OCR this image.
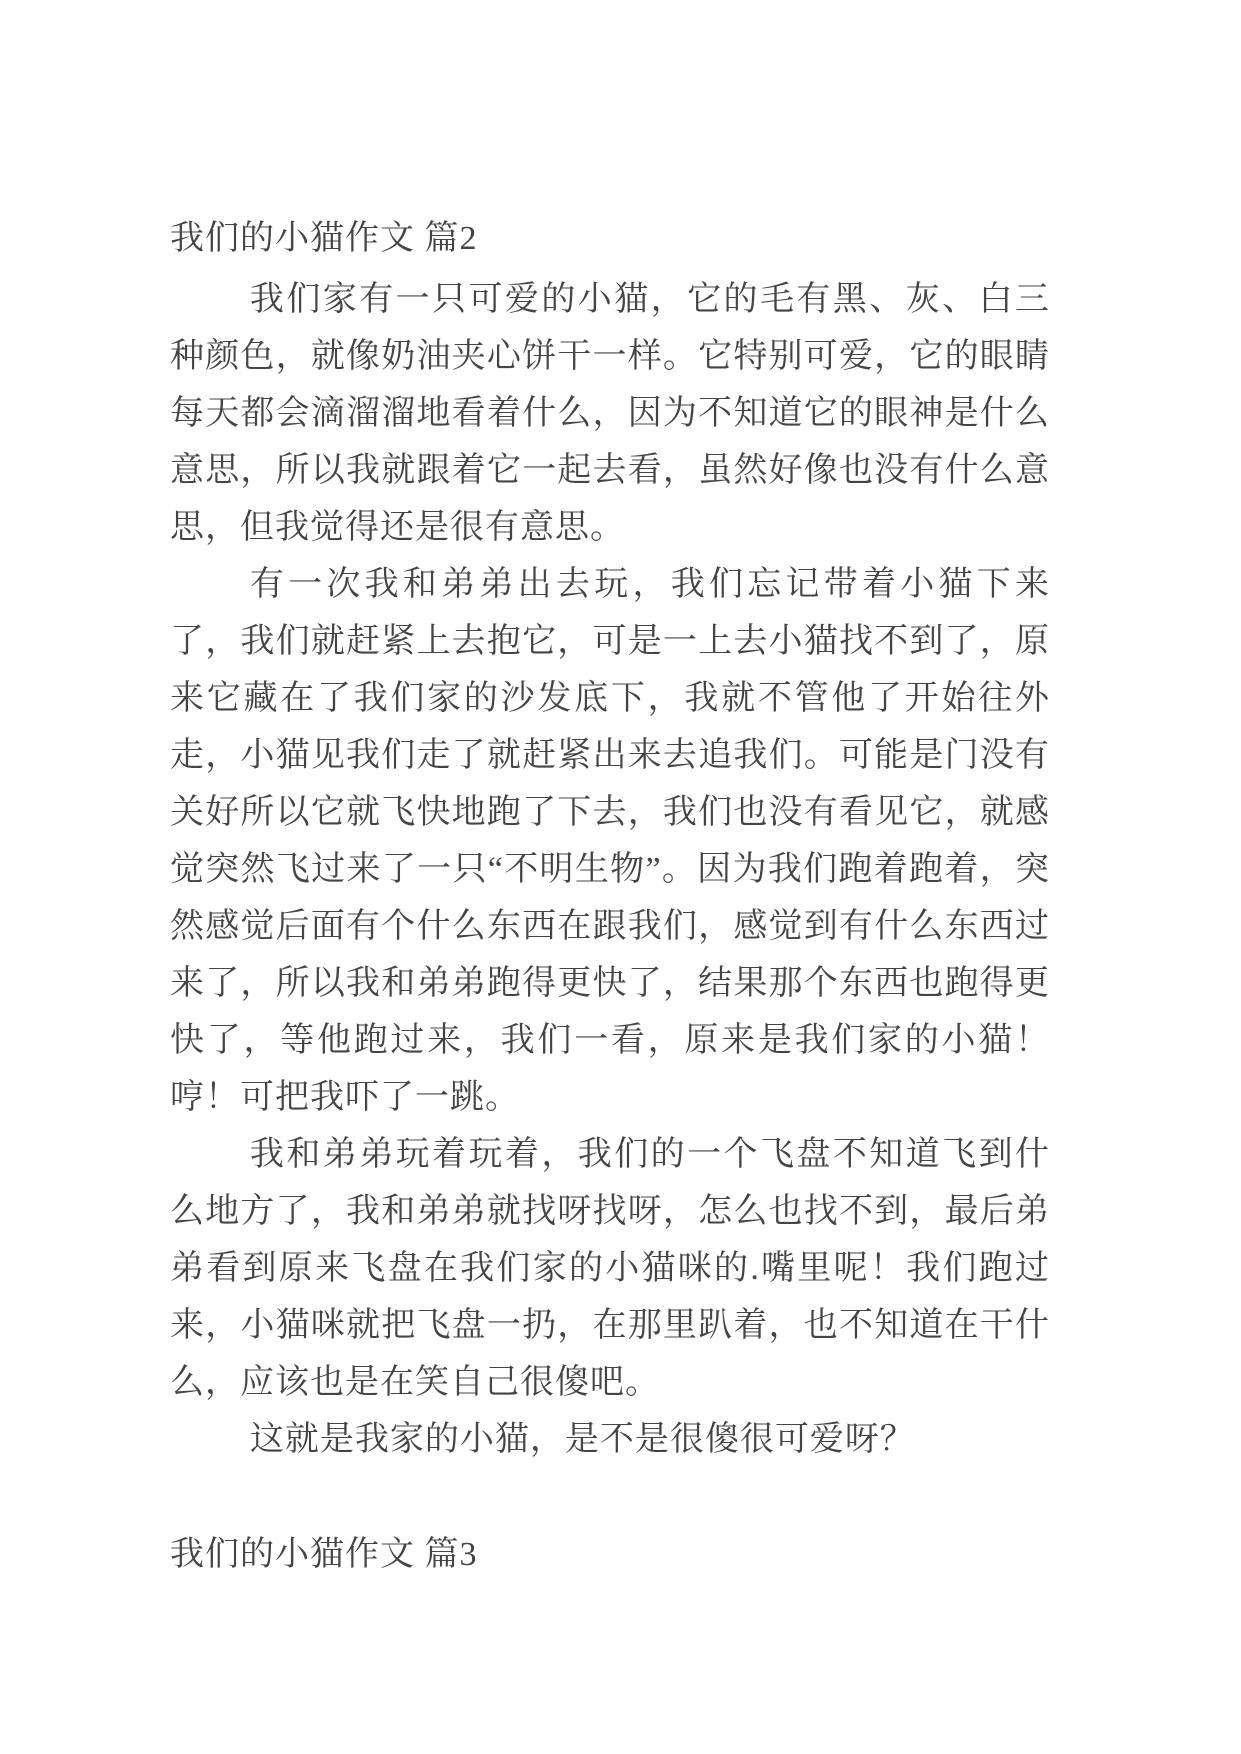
我们的小猫作文 篇2

我们家有一只可爱的小猫，它的毛有黑、灰、白三种颜色，就像奶油夹心饼干一样。它特别可爱，它的眼睛每天都会滴溜溜地看着什么，因为不知道它的眼神是什么意思，所以我就跟着它一起去看，虽然好像也没有什么意思，但我觉得还是很有意思。

有一次我和弟弟出去玩，我们忘记带着小猫下来了，我们就赶紧上去抱它，可是一上去小猫找不到了，原来它藏在了我们家的沙发底下，我就不管他了开始往外走，小猫见我们走了就赶紧出来去追我们。可能是门没有关好所以它就飞快地跑了下去，我们也没有看见它，就感觉突然飞过来了一只“不明生物”。因为我们跑着跑着，突然感觉后面有个什么东西在跟我们，感觉到有什么东西过来了，所以我和弟弟跑得更快了，结果那个东西也跑得更快了，等他跑过来，我们一看，原来是我们家的小猫！哼！可把我吓了一跳。

我和弟弟玩着玩着，我们的一个飞盘不知道飞到什么地方了，我和弟弟就找呀找呀，怎么也找不到，最后弟弟看到原来飞盘在我们家的小猫咪的.嘴里呢！我们跑过来，小猫咪就把飞盘一扔，在那里趴着，也不知道在干什么，应该也是在笑自己很傻吧。

这就是我家的小猫，是不是很傻很可爱呀？

我们的小猫作文 篇3
